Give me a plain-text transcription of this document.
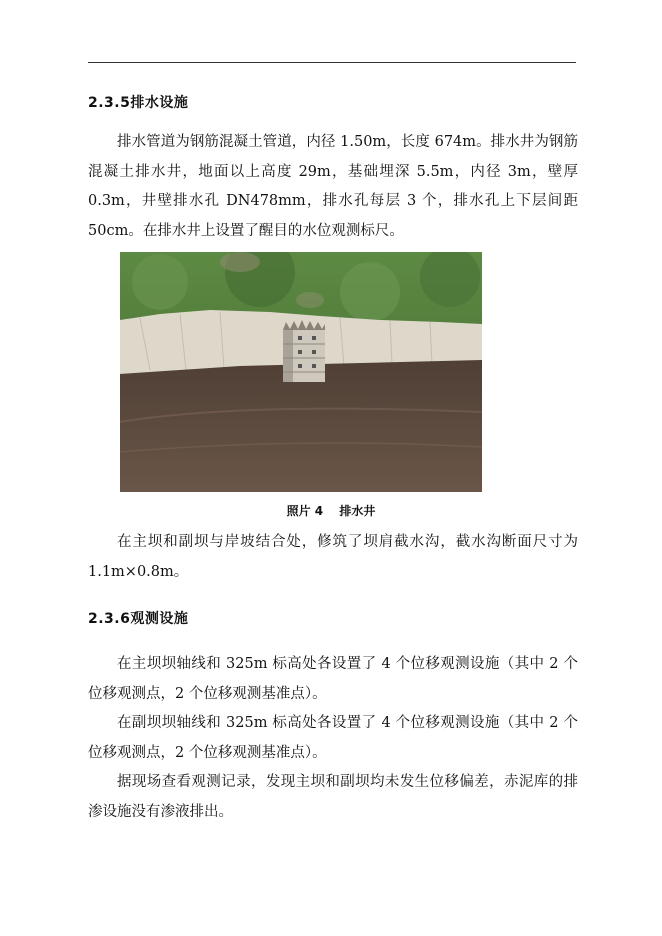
2.3.5排水设施
排水管道为钢筋混凝土管道，内径 1.50m，长度 674m。排水井为钢筋混凝土排水井，地面以上高度 29m，基础埋深 5.5m，内径 3m，壁厚 0.3m，井壁排水孔 DN478mm，排水孔每层 3 个，排水孔上下层间距 50cm。在排水井上设置了醒目的水位观测标尺。
照片 4 排水井
在主坝和副坝与岸坡结合处，修筑了坝肩截水沟，截水沟断面尺寸为 1.1m×0.8m。
2.3.6观测设施
在主坝坝轴线和 325m 标高处各设置了 4 个位移观测设施（其中 2 个位移观测点，2 个位移观测基准点）。
在副坝坝轴线和 325m 标高处各设置了 4 个位移观测设施（其中 2 个位移观测点，2 个位移观测基准点）。
据现场查看观测记录，发现主坝和副坝均未发生位移偏差，赤泥库的排渗设施没有渗液排出。
